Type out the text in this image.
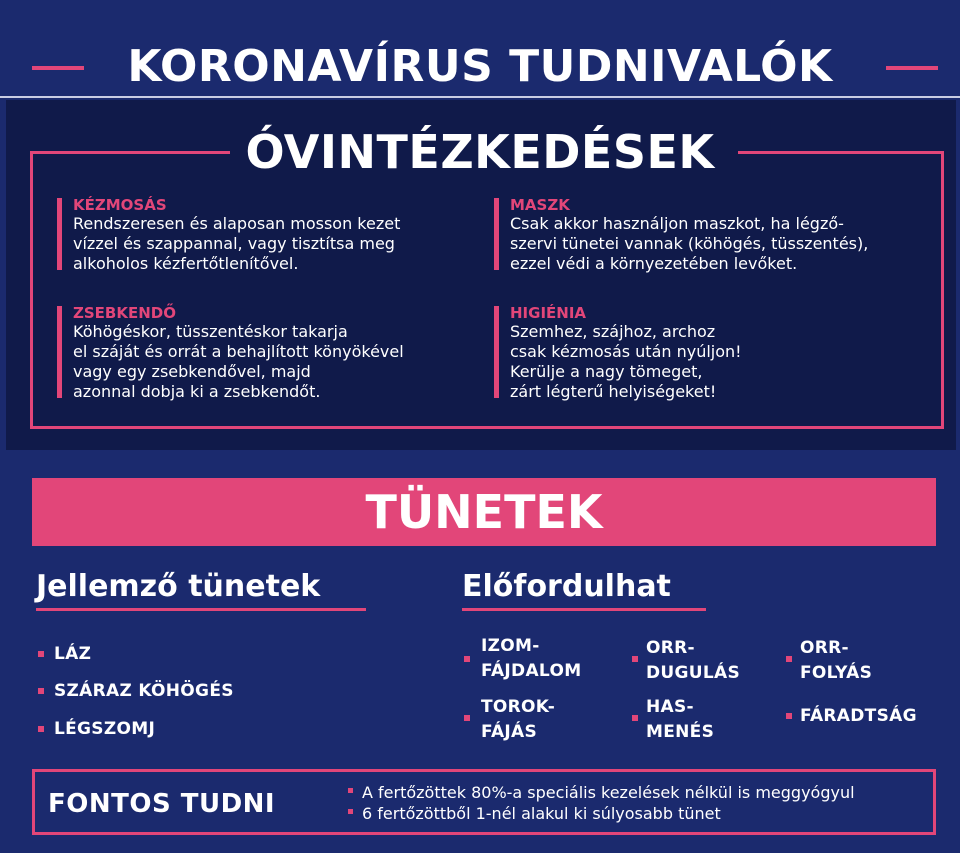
KORONAVÍRUS TUDNIVALÓK
ÓVINTÉZKEDÉSEK
KÉZMOSÁS
Rendszeresen és alaposan mosson kezet
vízzel és szappannal, vagy tisztítsa meg
alkoholos kézfertőtlenítővel.
MASZK
Csak akkor használjon maszkot, ha légző-
szervi tünetei vannak (köhögés, tüsszentés),
ezzel védi a környezetében levőket.
ZSEBKENDŐ
Köhögéskor, tüsszentéskor takarja
el száját és orrát a behajlított könyökével
vagy egy zsebkendővel, majd
azonnal dobja ki a zsebkendőt.
HIGIÉNIA
Szemhez, szájhoz, archoz
csak kézmosás után nyúljon!
Kerülje a nagy tömeget,
zárt légterű helyiségeket!
TÜNETEK
Jellemző tünetek	Előfordulhat
LÁZ
SZÁRAZ KÖHÖGÉS
LÉGSZOMJ
IZOM-
FÁJDALOM
ORR-
DUGULÁS
ORR-
FOLYÁS
TOROK-
FÁJÁS
HAS-
MENÉS
FÁRADTSÁG
FONTOS TUDNI	A fertőzöttek 80%-a speciális kezelések nélkül is meggyógyul
6 fertőzöttből 1-nél alakul ki súlyosabb tünet
